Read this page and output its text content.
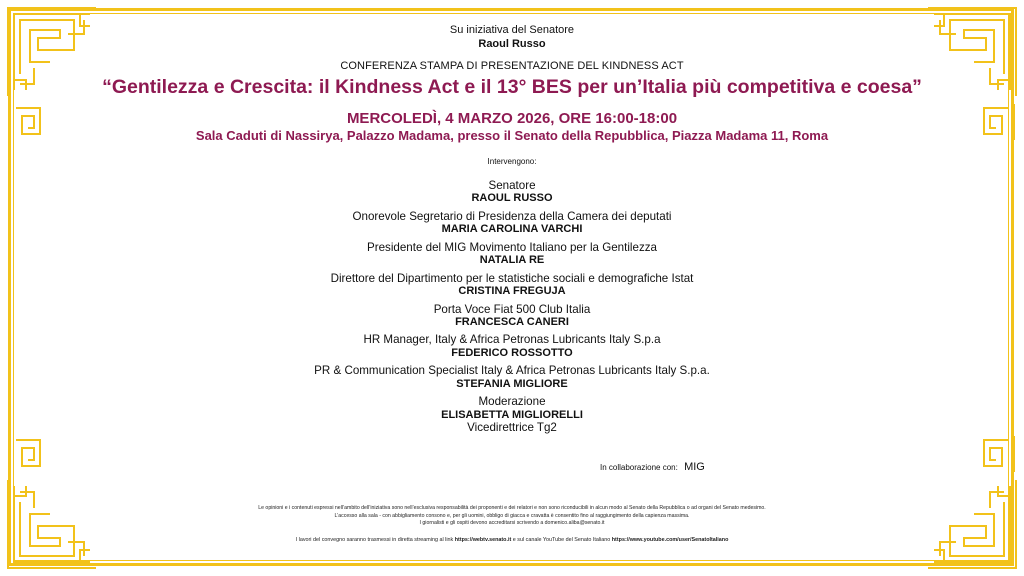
Su iniziativa del Senatore
Raoul Russo
CONFERENZA STAMPA DI PRESENTAZIONE DEL KINDNESS ACT
“Gentilezza e Crescita: il Kindness Act e il 13° BES per un’Italia più competitiva e coesa”
MERCOLEDÌ, 4 MARZO 2026, ORE 16:00-18:00
Sala Caduti di Nassirya, Palazzo Madama, presso il Senato della Repubblica, Piazza Madama 11, Roma
Intervengono:
Senatore
RAOUL RUSSO
Onorevole Segretario di Presidenza della Camera dei deputati
MARIA CAROLINA VARCHI
Presidente del MIG Movimento Italiano per la Gentilezza
NATALIA RE
Direttore del Dipartimento per le statistiche sociali e demografiche Istat
CRISTINA FREGUJA
Porta Voce Fiat 500 Club Italia
FRANCESCA CANERI
HR Manager, Italy & Africa Petronas Lubricants Italy S.p.a
FEDERICO ROSSOTTO
PR & Communication Specialist Italy & Africa Petronas Lubricants Italy S.p.a.
STEFANIA MIGLIORE
Moderazione
ELISABETTA MIGLIORELLI
Vicedirettrice Tg2
In collaborazione con: MIG
Le opinioni e i contenuti espressi nell’ambito dell’iniziativa sono nell’esclusiva responsabilità dei proponenti e dei relatori e non sono riconducibili in alcun modo al Senato della Repubblica o ad organi del Senato medesimo.
L’accesso alla sala - con abbigliamento consono e, per gli uomini, obbligo di giacca e cravatta è consentito fino al raggiungimento della capienza massima.
I giornalisti e gli ospiti devono accreditarsi scrivendo a domenico.aliba@senato.it
I lavori del convegno saranno trasmessi in diretta streaming al link https://webtv.senato.it e sul canale YouTube del Senato Italiano https://www.youtube.com/user/SenatoItaliano
